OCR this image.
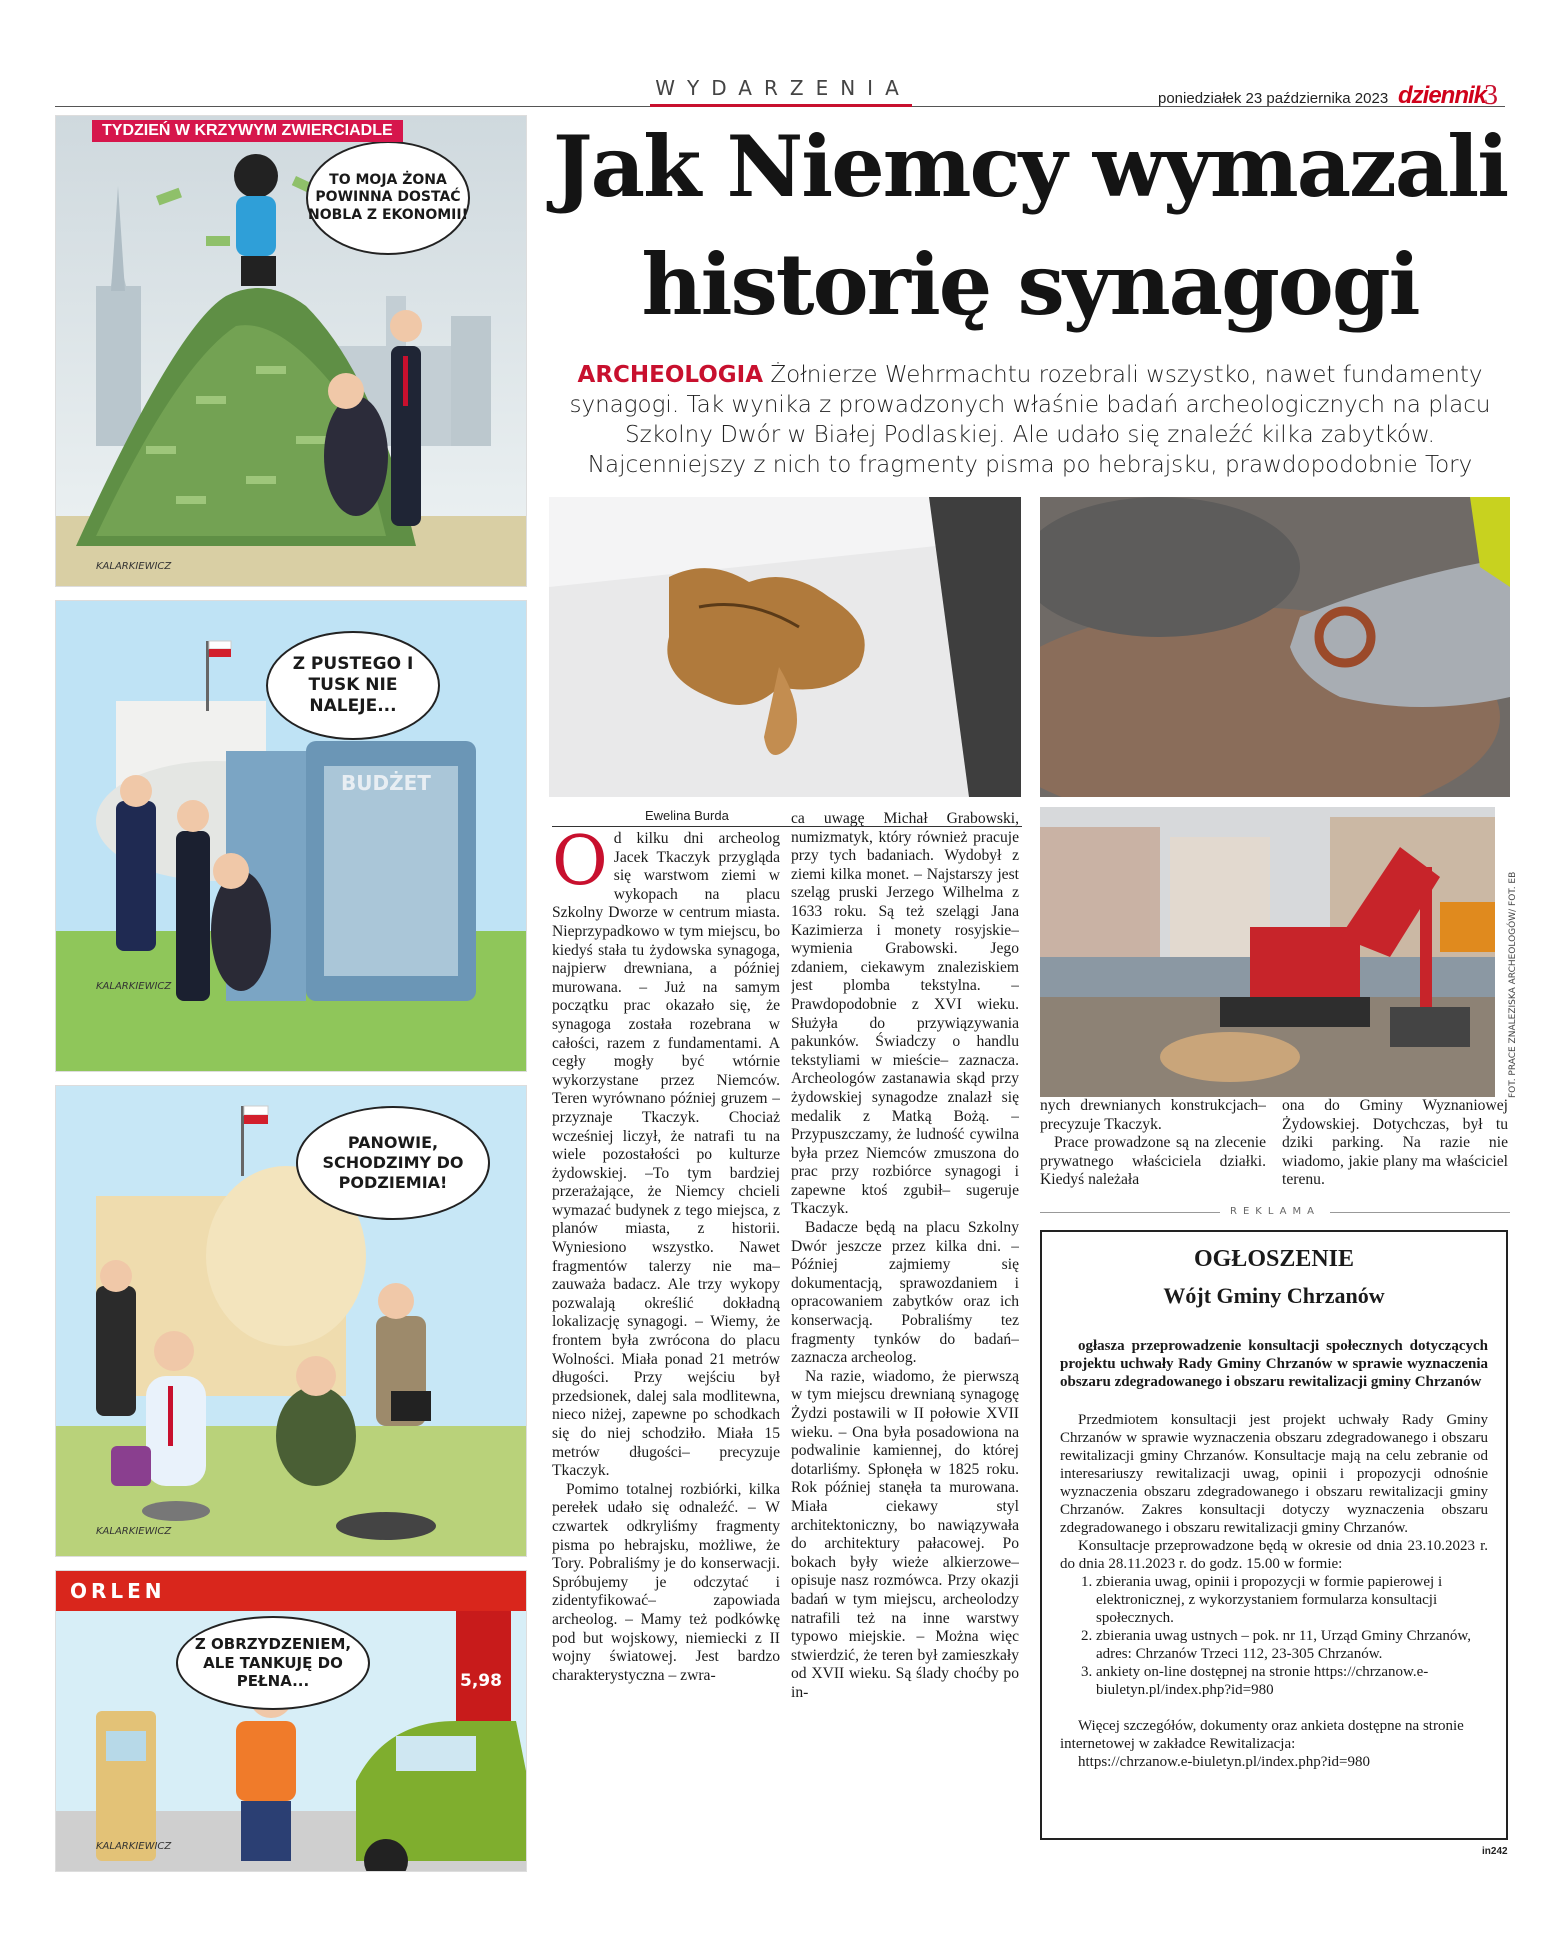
WYDARZENIA	poniedziałek 23 października 2023 dziennik
3
TO MOJA ŻONA POWINNA DOSTAĆ NOBLA Z EKONOMII!
KALARKIEWICZ
TYDZIEŃ W KRZYWYM ZWIERCIADLE
Z PUSTEGO I TUSK NIE NALEJE...
BUDŻET
KALARKIEWICZ
PANOWIE, SCHODZIMY DO PODZIEMIA!
KALARKIEWICZ
ORLEN
5,98
Z OBRZYDZENIEM, ALE TANKUJĘ DO PEŁNA...
KALARKIEWICZ
Jak Niemcy wymazali historię synagogi
ARCHEOLOGIA Żołnierze Wehrmachtu rozebrali wszystko, nawet fundamenty synagogi. Tak wynika z prowadzonych właśnie badań archeologicznych na placu Szkolny Dwór w Białej Podlaskiej. Ale udało się znaleźć kilka zabytków. Najcenniejszy z nich to fragmenty pisma po hebrajsku, prawdopodobnie Tory
FOT. PRACE ZNALEZISKA ARCHEOLOGÓW/ FOT. EB
Ewelina Burda
O d kilku dni archeolog Jacek Tkaczyk przygląda się warstwom ziemi w wykopach na placu Szkolny Dworze w centrum miasta. Nieprzypadkowo w tym miejscu, bo kiedyś stała tu żydowska synagoga, najpierw drewniana, a później murowana. – Już na samym początku prac okazało się, że synagoga została rozebrana w całości, razem z fundamentami. A cegły mogły być wtórnie wykorzystane przez Niemców. Teren wyrównano później gruzem – przyznaje Tkaczyk. Chociaż wcześniej liczył, że natrafi tu na wiele pozostałości po kulturze żydowskiej. –To tym bardziej przerażające, że Niemcy chcieli wymazać budynek z tego miejsca, z planów miasta, z historii. Wyniesiono wszystko. Nawet fragmentów talerzy nie ma– zauważa badacz. Ale trzy wykopy pozwalają określić dokładną lokalizację synagogi. – Wiemy, że frontem była zwrócona do placu Wolności. Miała ponad 21 metrów długości. Przy wejściu był przedsionek, dalej sala modlitewna, nieco niżej, zapewne po schodkach się do niej schodziło. Miała 15 metrów długości– precyzuje Tkaczyk.

Pomimo totalnej rozbiórki, kilka perełek udało się odnaleźć. – W czwartek odkryliśmy fragmenty pisma po hebrajsku, możliwe, że Tory. Pobraliśmy je do konserwacji. Spróbujemy je odczytać i zidentyfikować– zapowiada archeolog. – Mamy też podkówkę pod but wojskowy, niemiecki z II wojny światowej. Jest bardzo charakterystyczna – zwra-

ca uwagę Michał Grabowski, numizmatyk, który również pracuje przy tych badaniach. Wydobył z ziemi kilka monet. – Najstarszy jest szeląg pruski Jerzego Wilhelma z 1633 roku. Są też szelągi Jana Kazimierza i monety rosyjskie– wymienia Grabowski. Jego zdaniem, ciekawym znaleziskiem jest plomba tekstylna. – Prawdopodobnie z XVI wieku. Służyła do przywiązywania pakunków. Świadczy o handlu tekstyliami w mieście– zaznacza. Archeologów zastanawia skąd przy żydowskiej synagodze znalazł się medalik z Matką Bożą. – Przypuszczamy, że ludność cywilna była przez Niemców zmuszona do prac przy rozbiórce synagogi i zapewne ktoś zgubił– sugeruje Tkaczyk.

Badacze będą na placu Szkolny Dwór jeszcze przez kilka dni. – Później zajmiemy się dokumentacją, sprawozdaniem i opracowaniem zabytków oraz ich konserwacją. Pobraliśmy tez fragmenty tynków do badań– zaznacza archeolog.

Na razie, wiadomo, że pierwszą w tym miejscu drewnianą synagogę Żydzi postawili w II połowie XVII wieku. – Ona była posadowiona na podwalinie kamiennej, do której dotarliśmy. Spłonęła w 1825 roku. Rok później stanęła ta murowana. Miała ciekawy styl architektoniczny, bo nawiązywała do architektury pałacowej. Po bokach były wieże alkierzowe– opisuje nasz rozmówca. Przy okazji badań w tym miejscu, archeolodzy natrafili też na inne warstwy typowo miejskie. – Można więc stwierdzić, że teren był zamieszkały od XVII wieku. Są ślady choćby po in-

nych drewnianych konstrukcjach– precyzuje Tkaczyk.

Prace prowadzone są na zlecenie prywatnego właściciela działki. Kiedyś należała

ona do Gminy Wyznaniowej Żydowskiej. Dotychczas, był tu dziki parking. Na razie nie wiadomo, jakie plany ma właściciel terenu.

REKLAMA
OGŁOSZENIE
Wójt Gminy Chrzanów
ogłasza przeprowadzenie konsultacji społecznych dotyczących projektu uchwały Rady Gminy Chrzanów w sprawie wyznaczenia obszaru zdegradowanego i obszaru rewitalizacji gminy Chrzanów
Przedmiotem konsultacji jest projekt uchwały Rady Gminy Chrzanów w sprawie wyznaczenia obszaru zdegradowanego i obszaru rewitalizacji gminy Chrzanów. Konsultacje mają na celu zebranie od interesariuszy rewitalizacji uwag, opinii i propozycji odnośnie wyznaczenia obszaru zdegradowanego i obszaru rewitalizacji gminy Chrzanów. Zakres konsultacji dotyczy wyznaczenia obszaru zdegradowanego i obszaru rewitalizacji gminy Chrzanów.
Konsultacje przeprowadzone będą w okresie od dnia 23.10.2023 r. do dnia 28.11.2023 r. do godz. 15.00 w formie:
1. zbierania uwag, opinii i propozycji w formie papierowej i elektronicznej, z wykorzystaniem formularza konsultacji społecznych.
2. zbierania uwag ustnych – pok. nr 11, Urząd Gminy Chrzanów, adres: Chrzanów Trzeci 112, 23-305 Chrzanów.
3. ankiety on-line dostępnej na stronie https://chrzanow.e-biuletyn.pl/index.php?id=980
Więcej szczegółów, dokumenty oraz ankieta dostępne na stronie internetowej w zakładce Rewitalizacja:
https://chrzanow.e-biuletyn.pl/index.php?id=980
in242
